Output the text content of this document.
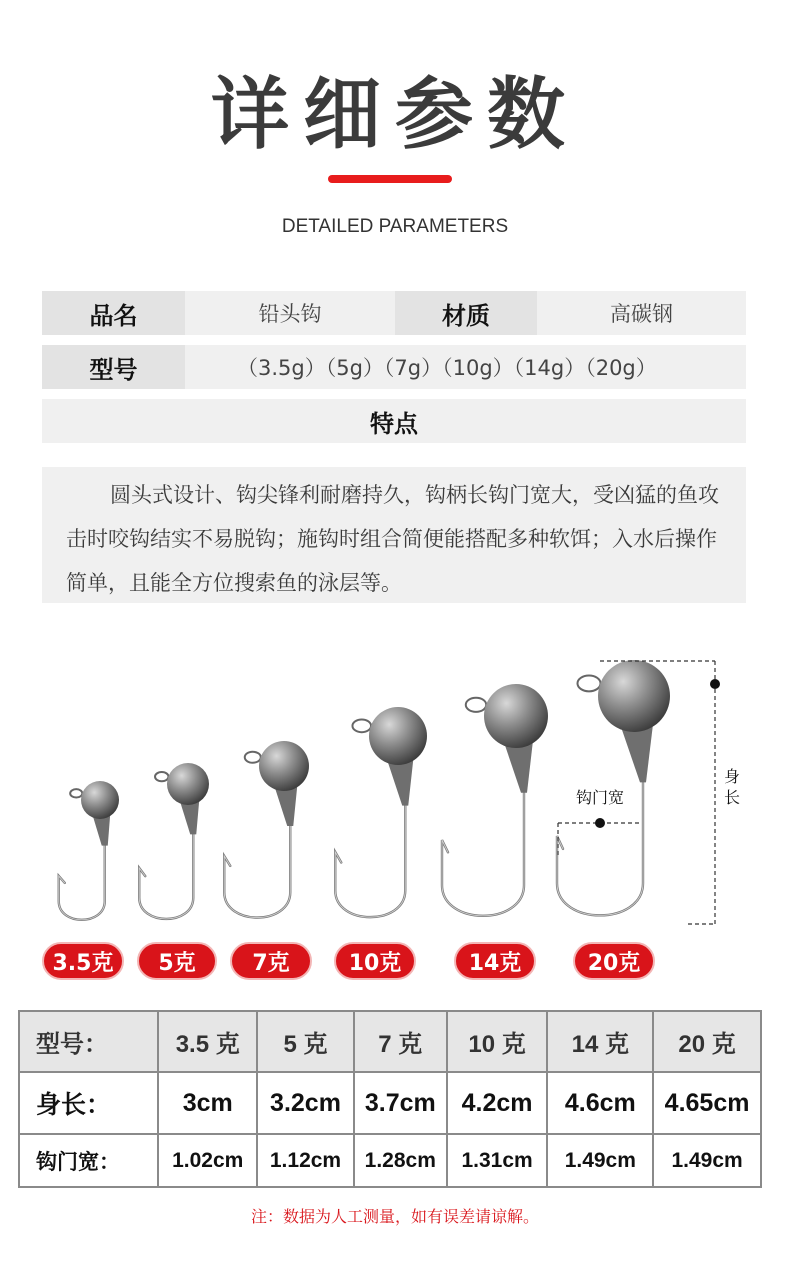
详细参数
DETAILED PARAMETERS
品名	铅头钩	材质	高碳钢
型号	（3.5g）（5g）（7g）（10g）（14g）（20g）
特点
圆头式设计、钩尖锋利耐磨持久，钩柄长钩门宽大，受凶猛的鱼攻击时咬钩结实不易脱钩；施钩时组合简便能搭配多种软饵；入水后操作简单，且能全方位搜索鱼的泳层等。
钩门宽
身
长
3.5克	5克	7克	10克	14克	20克
型号：	3.5 克	5 克	7 克	10 克	14 克	20 克
身长：	3cm	3.2cm	3.7cm	4.2cm	4.6cm	4.65cm
钩门宽：	1.02cm	1.12cm	1.28cm	1.31cm	1.49cm	1.49cm
注：数据为人工测量，如有误差请谅解。
